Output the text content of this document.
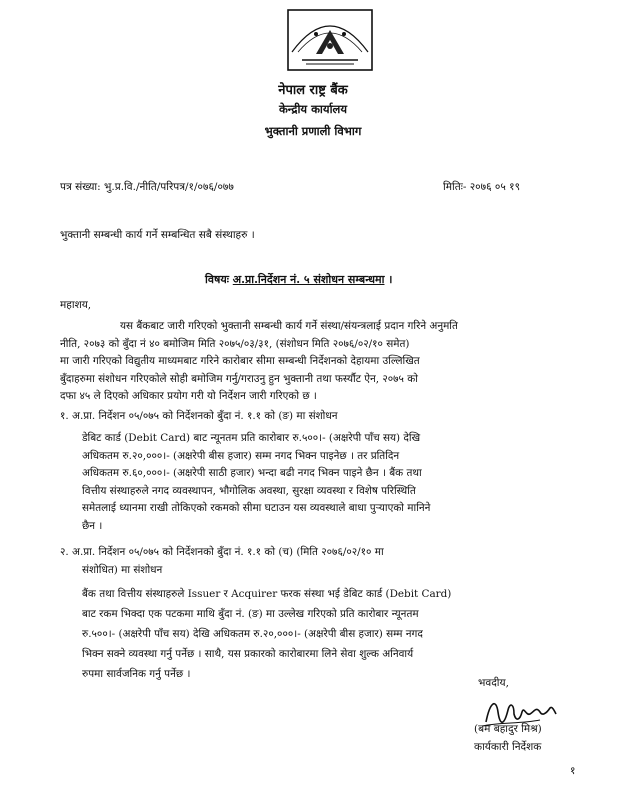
नेपाल राष्ट्र बैंक
केन्द्रीय कार्यालय
भुक्तानी प्रणाली विभाग
पत्र संख्या: भु.प्र.वि./नीति/परिपत्र/१/०७६/०७७	मितिः- २०७६ ०५ १९
भुक्तानी सम्बन्धी कार्य गर्ने सम्बन्धित सबै संस्थाहरु ।
विषयः अ.प्रा.निर्देशन नं. ५ संशोधन सम्बन्धमा ।
महाशय,

यस बैंकबाट जारी गरिएको भुक्तानी सम्बन्धी कार्य गर्ने संस्था/संयन्त्रलाई प्रदान गरिने अनुमति

नीति, २०७३ को बुँदा नं ४० बमोजिम मिति २०७५/०३/३१, (संशोधन मिति २०७६/०२/१० समेत)

मा जारी गरिएको विद्युतीय माध्यमबाट गरिने कारोबार सीमा सम्बन्धी निर्देशनको देहायमा उल्लिखित

बुँदाहरुमा संशोधन गरिएकोले सोही बमोजिम गर्नु/गराउनु हुन भुक्तानी तथा फर्स्यौट ऐन, २०७५ को

दफा ४५ ले दिएको अधिकार प्रयोग गरी यो निर्देशन जारी गरिएको छ ।

१. अ.प्रा. निर्देशन ०५/०७५ को निर्देशनको बुँदा नं. १.१ को (ङ) मा संशोधन

डेबिट कार्ड (Debit Card) बाट न्यूनतम प्रति कारोबार रु.५००।- (अक्षरेपी पाँच सय) देखि

अधिकतम रु.२०,०००।- (अक्षरेपी बीस हजार) सम्म नगद भिक्न पाइनेछ । तर प्रतिदिन

अधिकतम रु.६०,०००।- (अक्षरेपी साठी हजार) भन्दा बढी नगद भिक्न पाइने छैन । बैंक तथा

वित्तीय संस्थाहरुले नगद व्यवस्थापन, भौगोलिक अवस्था, सुरक्षा व्यवस्था र विशेष परिस्थिति

समेतलाई ध्यानमा राखी तोकिएको रकमको सीमा घटाउन यस व्यवस्थाले बाधा पुऱ्याएको मानिने

छैन ।

२. अ.प्रा. निर्देशन ०५/०७५ को निर्देशनको बुँदा नं. १.१ को (च) (मिति २०७६/०२/१० मा

संशोधित) मा संशोधन

बैंक तथा वित्तीय संस्थाहरुले Issuer र Acquirer फरक संस्था भई डेबिट कार्ड (Debit Card)

बाट रकम भिक्दा एक पटकमा माथि बुँदा नं. (ङ) मा उल्लेख गरिएको प्रति कारोबार न्यूनतम

रु.५००।- (अक्षरेपी पाँच सय) देखि अधिकतम रु.२०,०००।- (अक्षरेपी बीस हजार) सम्म नगद

भिक्न सक्ने व्यवस्था गर्नु पर्नेछ । साथै, यस प्रकारको कारोबारमा लिने सेवा शुल्क अनिवार्य

रुपमा सार्वजनिक गर्नु पर्नेछ ।

भवदीय,
(बम बहादुर मिश्र)
कार्यकारी निर्देशक
१
